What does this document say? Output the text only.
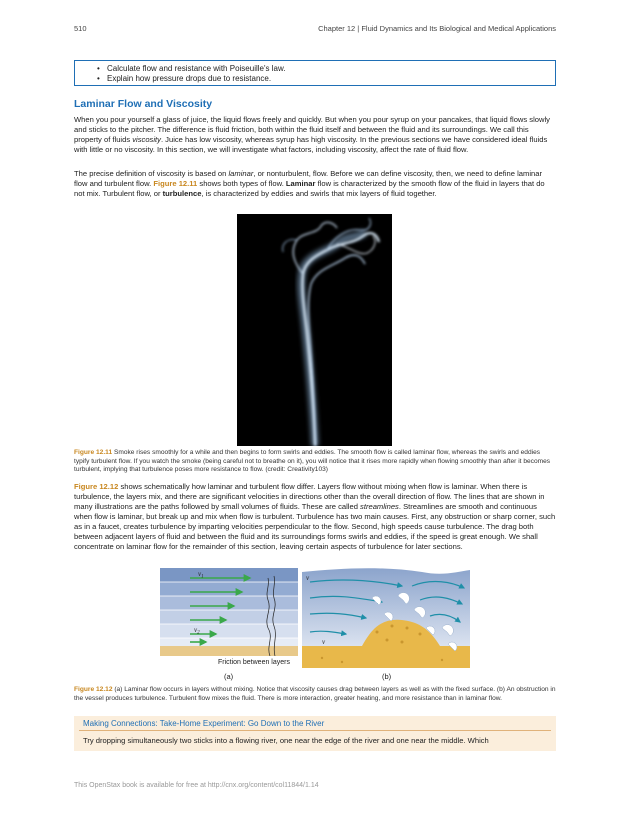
510	Chapter 12 | Fluid Dynamics and Its Biological and Medical Applications
• Calculate flow and resistance with Poiseuille's law.
• Explain how pressure drops due to resistance.
Laminar Flow and Viscosity

When you pour yourself a glass of juice, the liquid flows freely and quickly. But when you pour syrup on your pancakes, that liquid flows slowly and sticks to the pitcher. The difference is fluid friction, both within the fluid itself and between the fluid and its surroundings. We call this property of fluids viscosity. Juice has low viscosity, whereas syrup has high viscosity. In the previous sections we have considered ideal fluids with little or no viscosity. In this section, we will investigate what factors, including viscosity, affect the rate of fluid flow.

The precise definition of viscosity is based on laminar, or nonturbulent, flow. Before we can define viscosity, then, we need to define laminar flow and turbulent flow. Figure 12.11 shows both types of flow. Laminar flow is characterized by the smooth flow of the fluid in layers that do not mix. Turbulent flow, or turbulence, is characterized by eddies and swirls that mix layers of fluid together.

Figure 12.11 Smoke rises smoothly for a while and then begins to form swirls and eddies. The smooth flow is called laminar flow, whereas the swirls and eddies typify turbulent flow. If you watch the smoke (being careful not to breathe on it), you will notice that it rises more rapidly when flowing smoothly than after it becomes turbulent, implying that turbulence poses more resistance to flow. (credit: Creativity103)

Figure 12.12 shows schematically how laminar and turbulent flow differ. Layers flow without mixing when flow is laminar. When there is turbulence, the layers mix, and there are significant velocities in directions other than the overall direction of flow. The lines that are shown in many illustrations are the paths followed by small volumes of fluids. These are called streamlines. Streamlines are smooth and continuous when flow is laminar, but break up and mix when flow is turbulent. Turbulence has two main causes. First, any obstruction or sharp corner, such as in a faucet, creates turbulence by imparting velocities perpendicular to the flow. Second, high speeds cause turbulence. The drag both between adjacent layers of fluid and between the fluid and its surroundings forms swirls and eddies, if the speed is great enough. We shall concentrate on laminar flow for the remainder of this section, leaving certain aspects of turbulence for later sections.

$v_1$
$v_2$
v
v
Friction between layers
(a)	(b)

Figure 12.12 (a) Laminar flow occurs in layers without mixing. Notice that viscosity causes drag between layers as well as with the fixed surface. (b) An obstruction in the vessel produces turbulence. Turbulent flow mixes the fluid. There is more interaction, greater heating, and more resistance than in laminar flow.

Making Connections: Take-Home Experiment: Go Down to the River
Try dropping simultaneously two sticks into a flowing river, one near the edge of the river and one near the middle. Which
This OpenStax book is available for free at http://cnx.org/content/col11844/1.14
